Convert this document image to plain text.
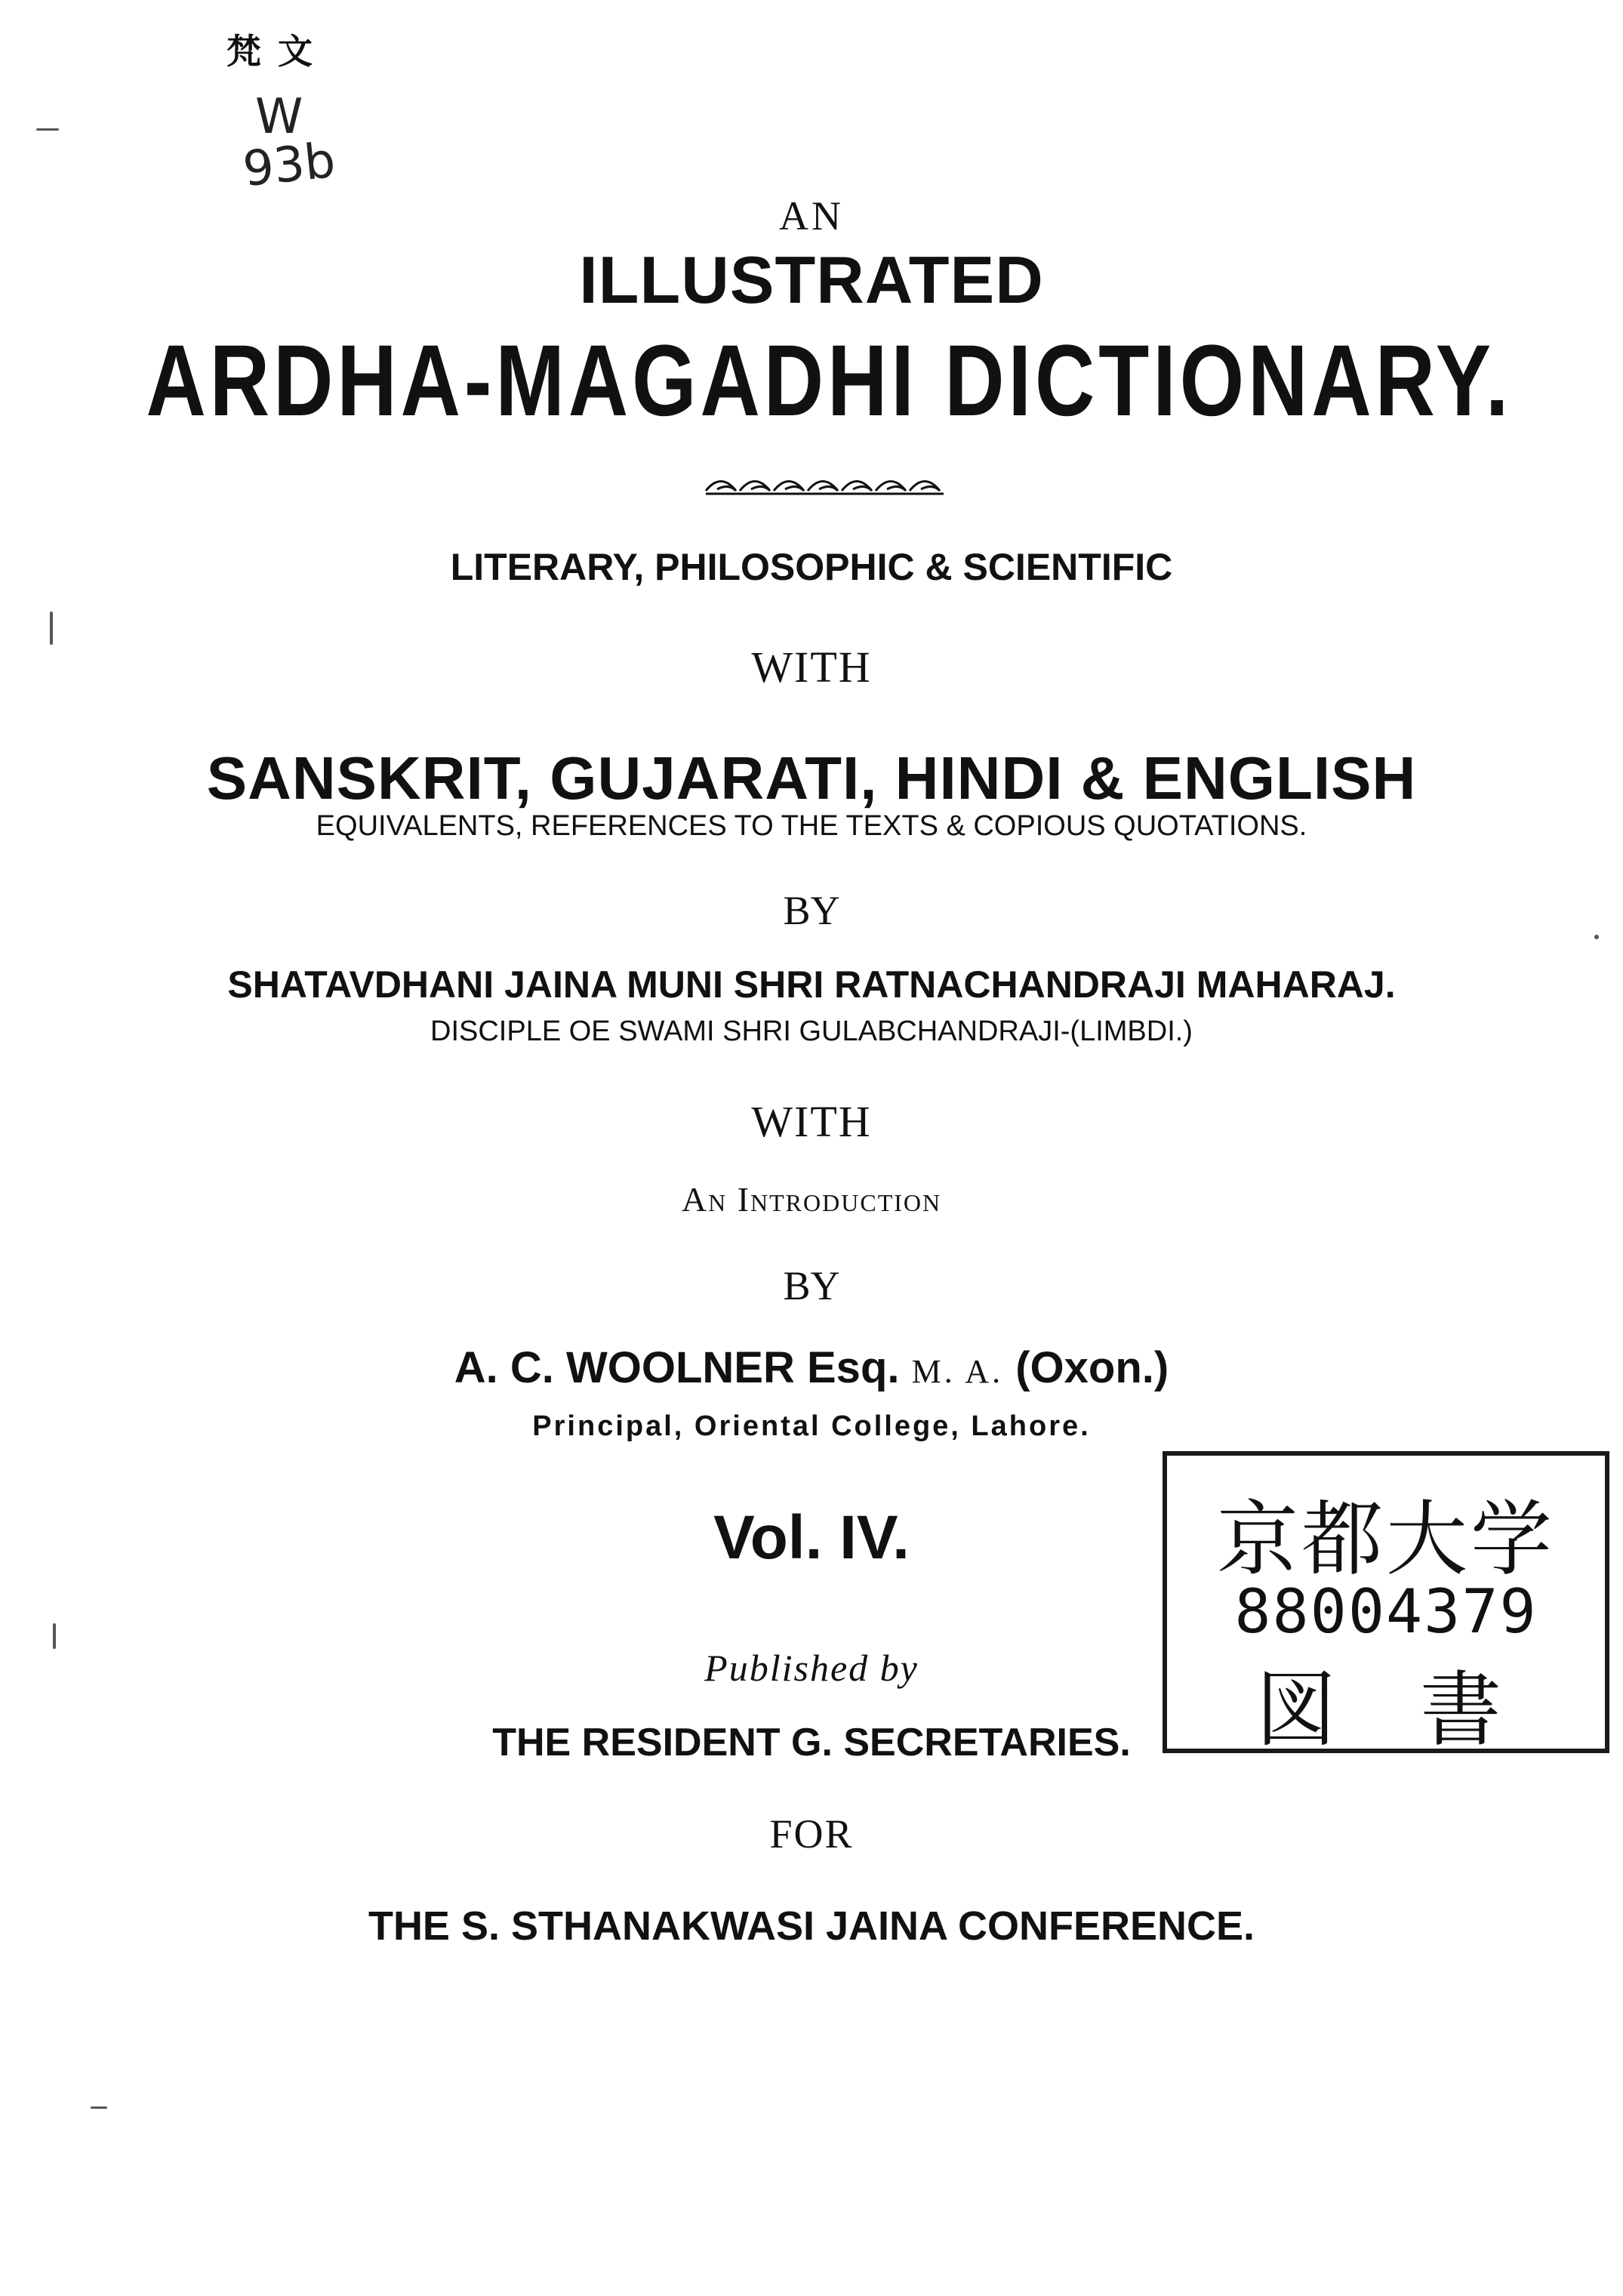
梵文
W
93b
AN
ILLUSTRATED
ARDHA-MAGADHI DICTIONARY.
LITERARY, PHILOSOPHIC & SCIENTIFIC
WITH
SANSKRIT, GUJARATI, HINDI & ENGLISH
EQUIVALENTS, REFERENCES TO THE TEXTS & COPIOUS QUOTATIONS.
BY
SHATAVDHANI JAINA MUNI SHRI RATNACHANDRAJI MAHARAJ.
DISCIPLE OE SWAMI SHRI GULABCHANDRAJI-(LIMBDI.)
WITH
An Introduction
BY
A. C. WOOLNER Esq. M. A. (Oxon.)
Principal, Oriental College, Lahore.
Vol. IV.
Published by
THE RESIDENT G. SECRETARIES.
FOR
THE S. STHANAKWASI JAINA CONFERENCE.
京都大学
88004379
図書
